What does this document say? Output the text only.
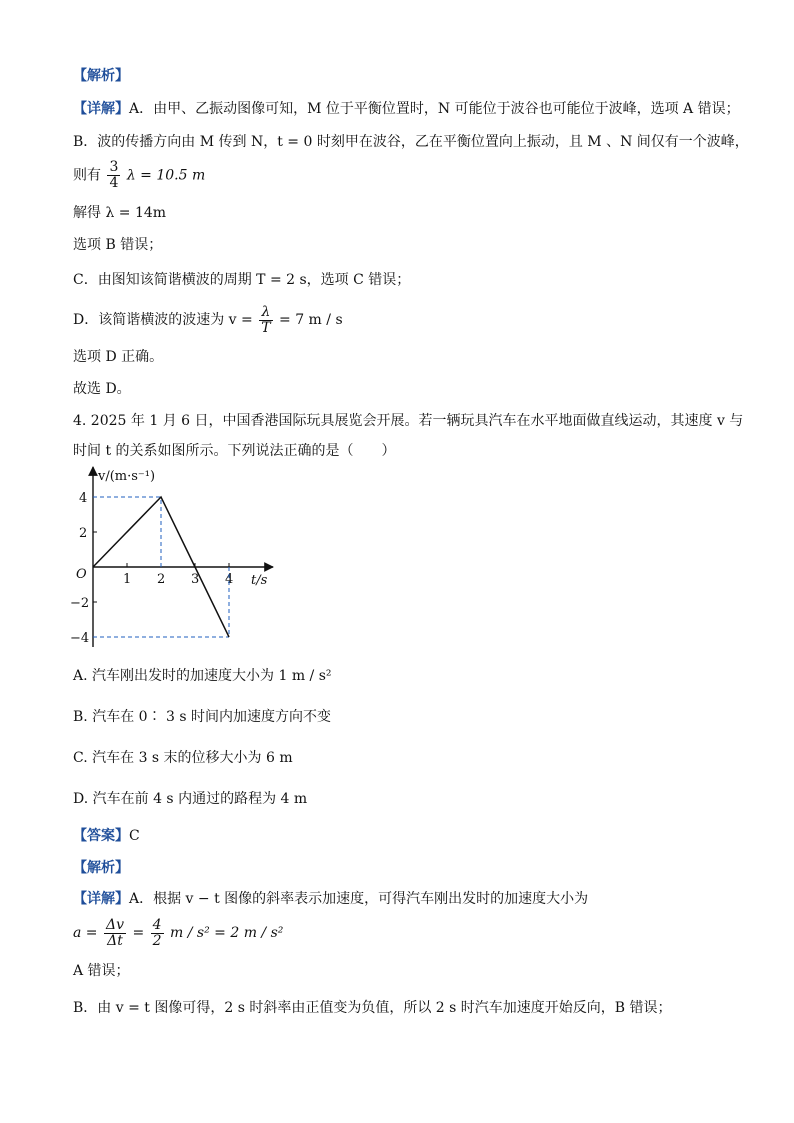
【解析】
【详解】A．由甲、乙振动图像可知，M 位于平衡位置时，N 可能位于波谷也可能位于波峰，选项 A 错误；
B．波的传播方向由 M 传到 N，t = 0 时刻甲在波谷，乙在平衡位置向上振动，且 M 、N 间仅有一个波峰，
则有 $\frac{3}{4}$ λ = 10.5 m
解得 λ = 14m
选项 B 错误；
C．由图知该简谐横波的周期 T = 2 s，选项 C 错误；
D．该简谐横波的波速为 $v = \frac{\lambda}{T} = 7$ m / s
选项 D 正确。
故选 D。
4. 2025 年 1 月 6 日，中国香港国际玩具展览会开展。若一辆玩具汽车在水平地面做直线运动，其速度 v 与
时间 t 的关系如图所示。下列说法正确的是（　　）
1 2 3 4
4
2
−2
−4
v/(m·s⁻¹)
t/s
O
A. 汽车刚出发时的加速度大小为 1 m / s²
B. 汽车在 0∶ 3 s 时间内加速度方向不变
C. 汽车在 3 s 末的位移大小为 6 m
D. 汽车在前 4 s 内通过的路程为 4 m
【答案】C
【解析】
【详解】A．根据 v − t 图像的斜率表示加速度，可得汽车刚出发时的加速度大小为
$a = \frac{\Delta v}{\Delta t} = \frac{4}{2}$ m / s² = 2 m / s²
A 错误；
B．由 v = t 图像可得，2 s 时斜率由正值变为负值，所以 2 s 时汽车加速度开始反向，B 错误；
